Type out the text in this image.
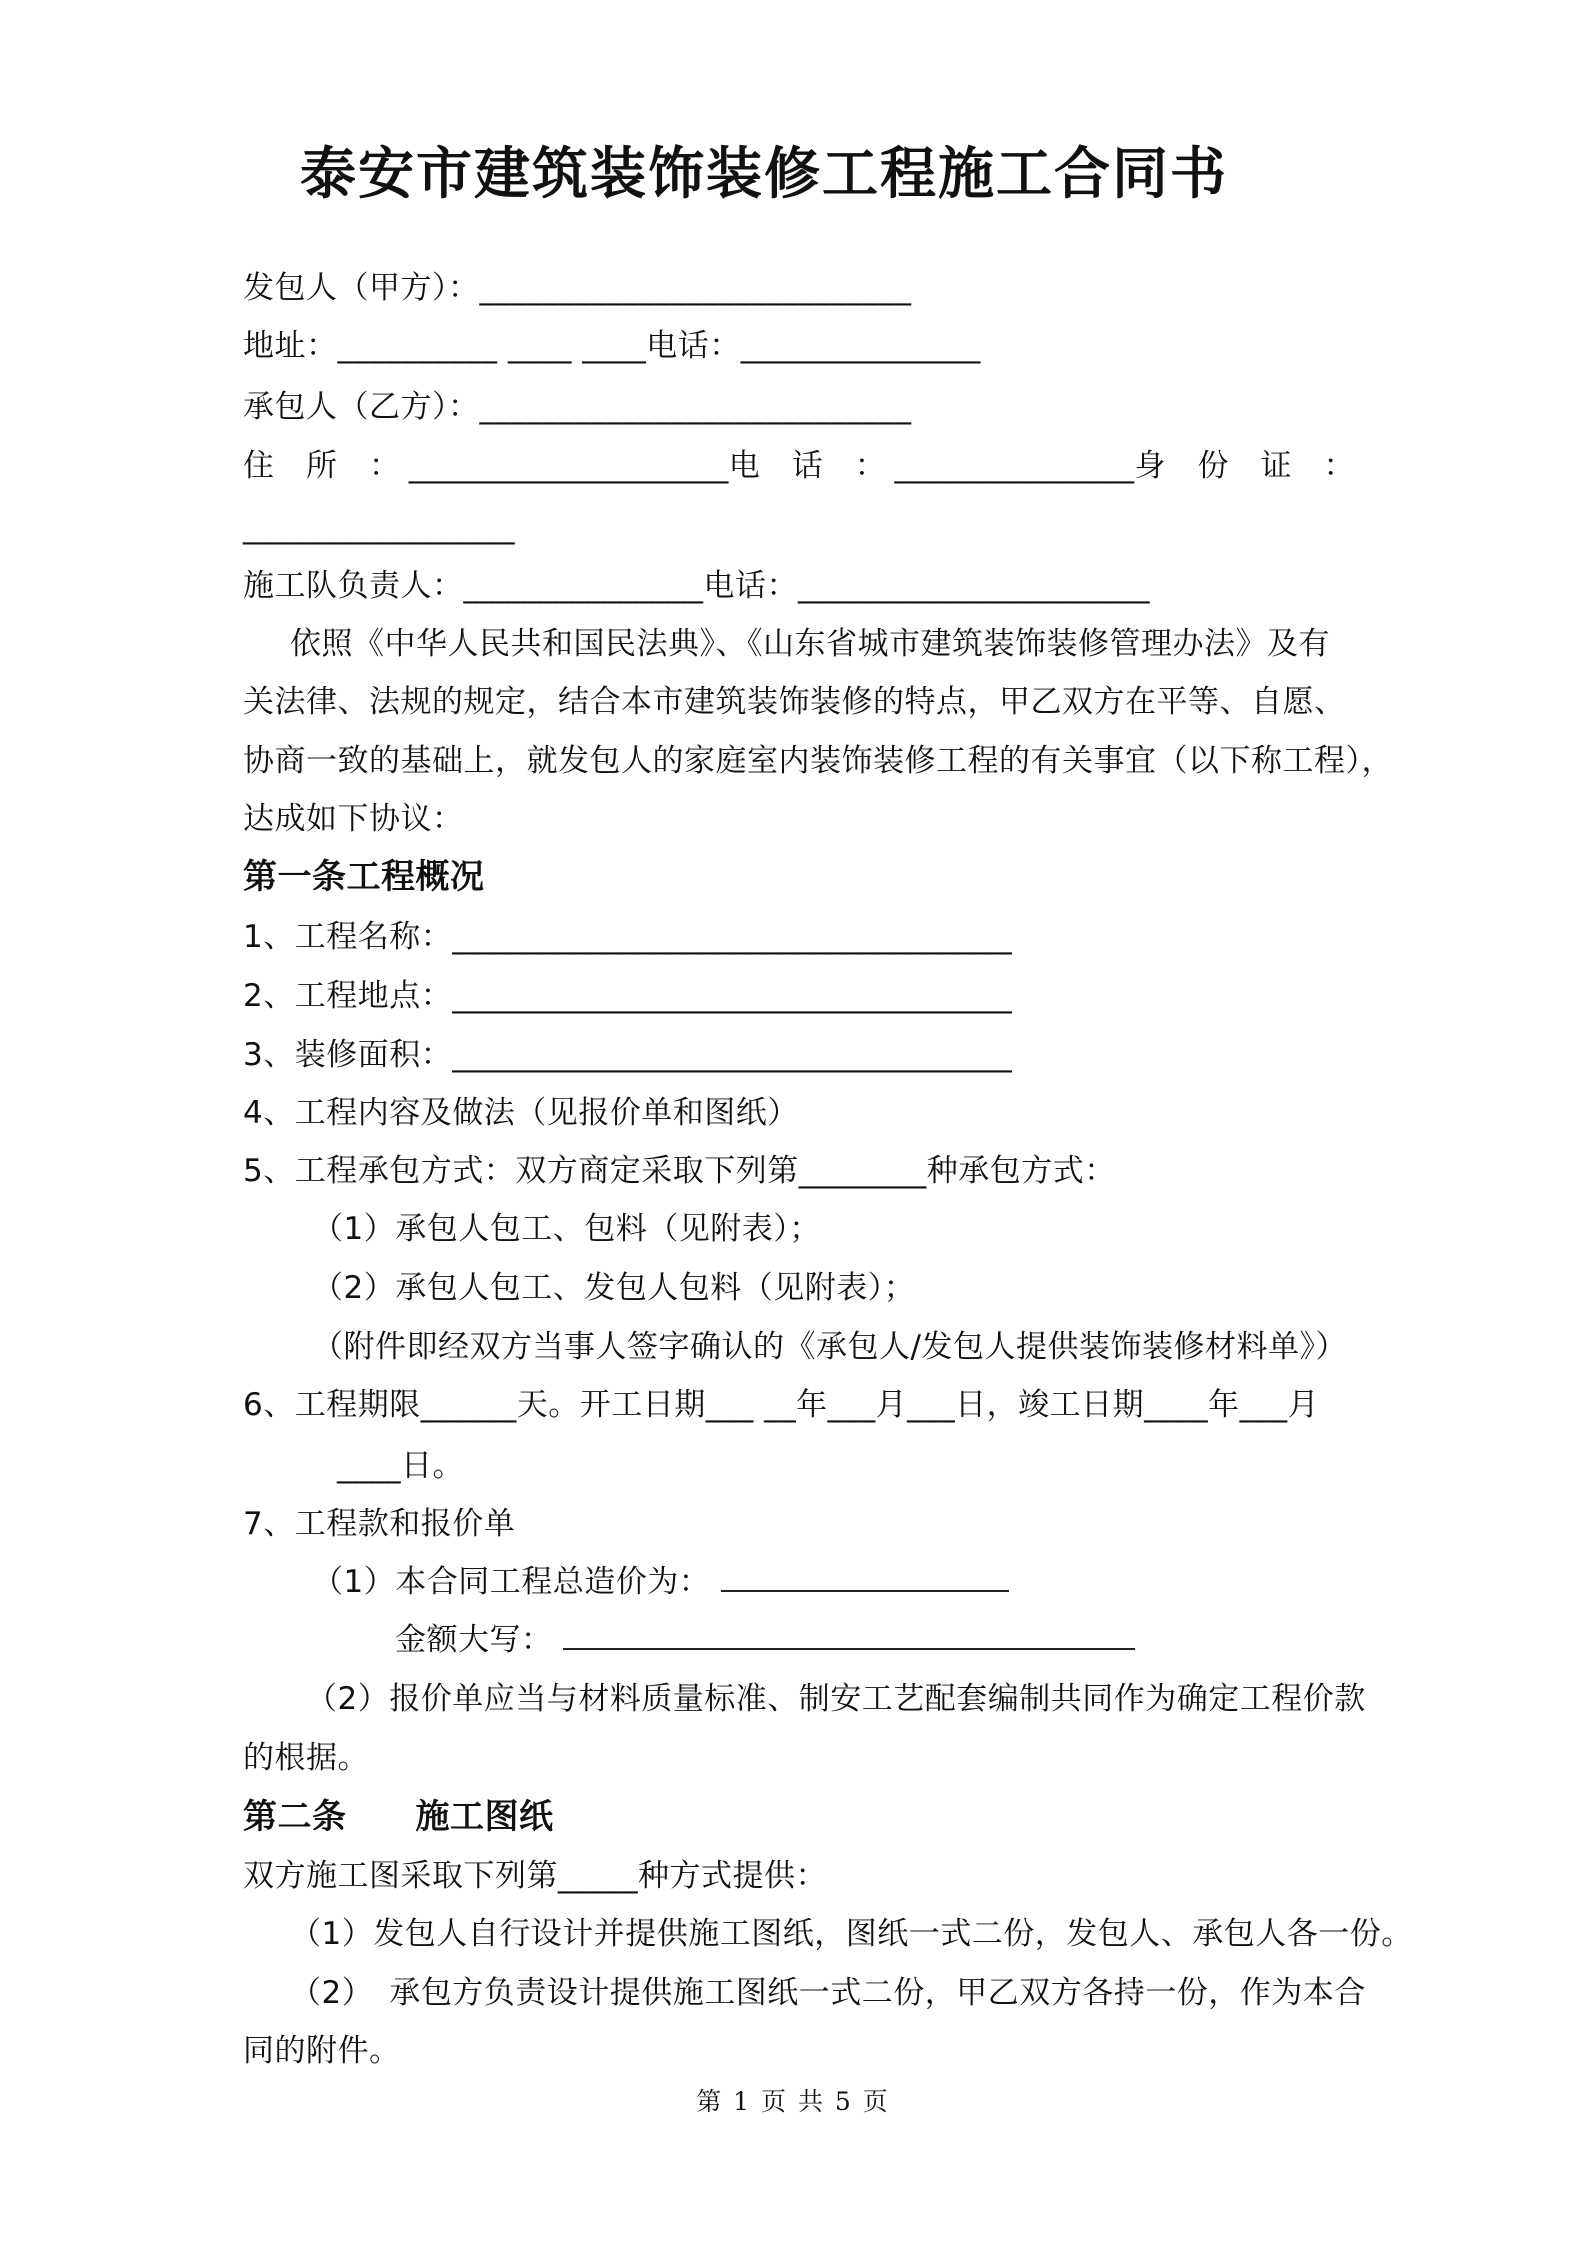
泰安市建筑装饰装修工程施工合同书
发包人（甲方）：___________________________
地址：__________ ____ ____电话：_______________
承包人（乙方）：___________________________
住　所　： ____________________电　话　： _______________身　份　证　：
_________________
施工队负责人：_______________电话：______________________
依照《中华人民共和国民法典》、《山东省城市建筑装饰装修管理办法》及有
关法律、法规的规定，结合本市建筑装饰装修的特点，甲乙双方在平等、自愿、
协商一致的基础上，就发包人的家庭室内装饰装修工程的有关事宜（以下称工程），
达成如下协议：
第一条工程概况
1、工程名称：___________________________________
2、工程地点：___________________________________
3、装修面积：___________________________________
4、工程内容及做法（见报价单和图纸）
5、工程承包方式：双方商定采取下列第________种承包方式：
（1）承包人包工、包料（见附表）；
（2）承包人包工、发包人包料（见附表）；
（附件即经双方当事人签字确认的《承包人/发包人提供装饰装修材料单》）
6、工程期限______天。开工日期___ __年___月___日，竣工日期____年___月
____日。
7、工程款和报价单
（1）本合同工程总造价为：
金额大写：
（2）报价单应当与材料质量标准、制安工艺配套编制共同作为确定工程价款
的根据。
第二条　　施工图纸
双方施工图采取下列第_____种方式提供：
（1）发包人自行设计并提供施工图纸，图纸一式二份，发包人、承包人各一份。
（2）　承包方负责设计提供施工图纸一式二份，甲乙双方各持一份，作为本合
同的附件。
第 1 页 共 5 页
